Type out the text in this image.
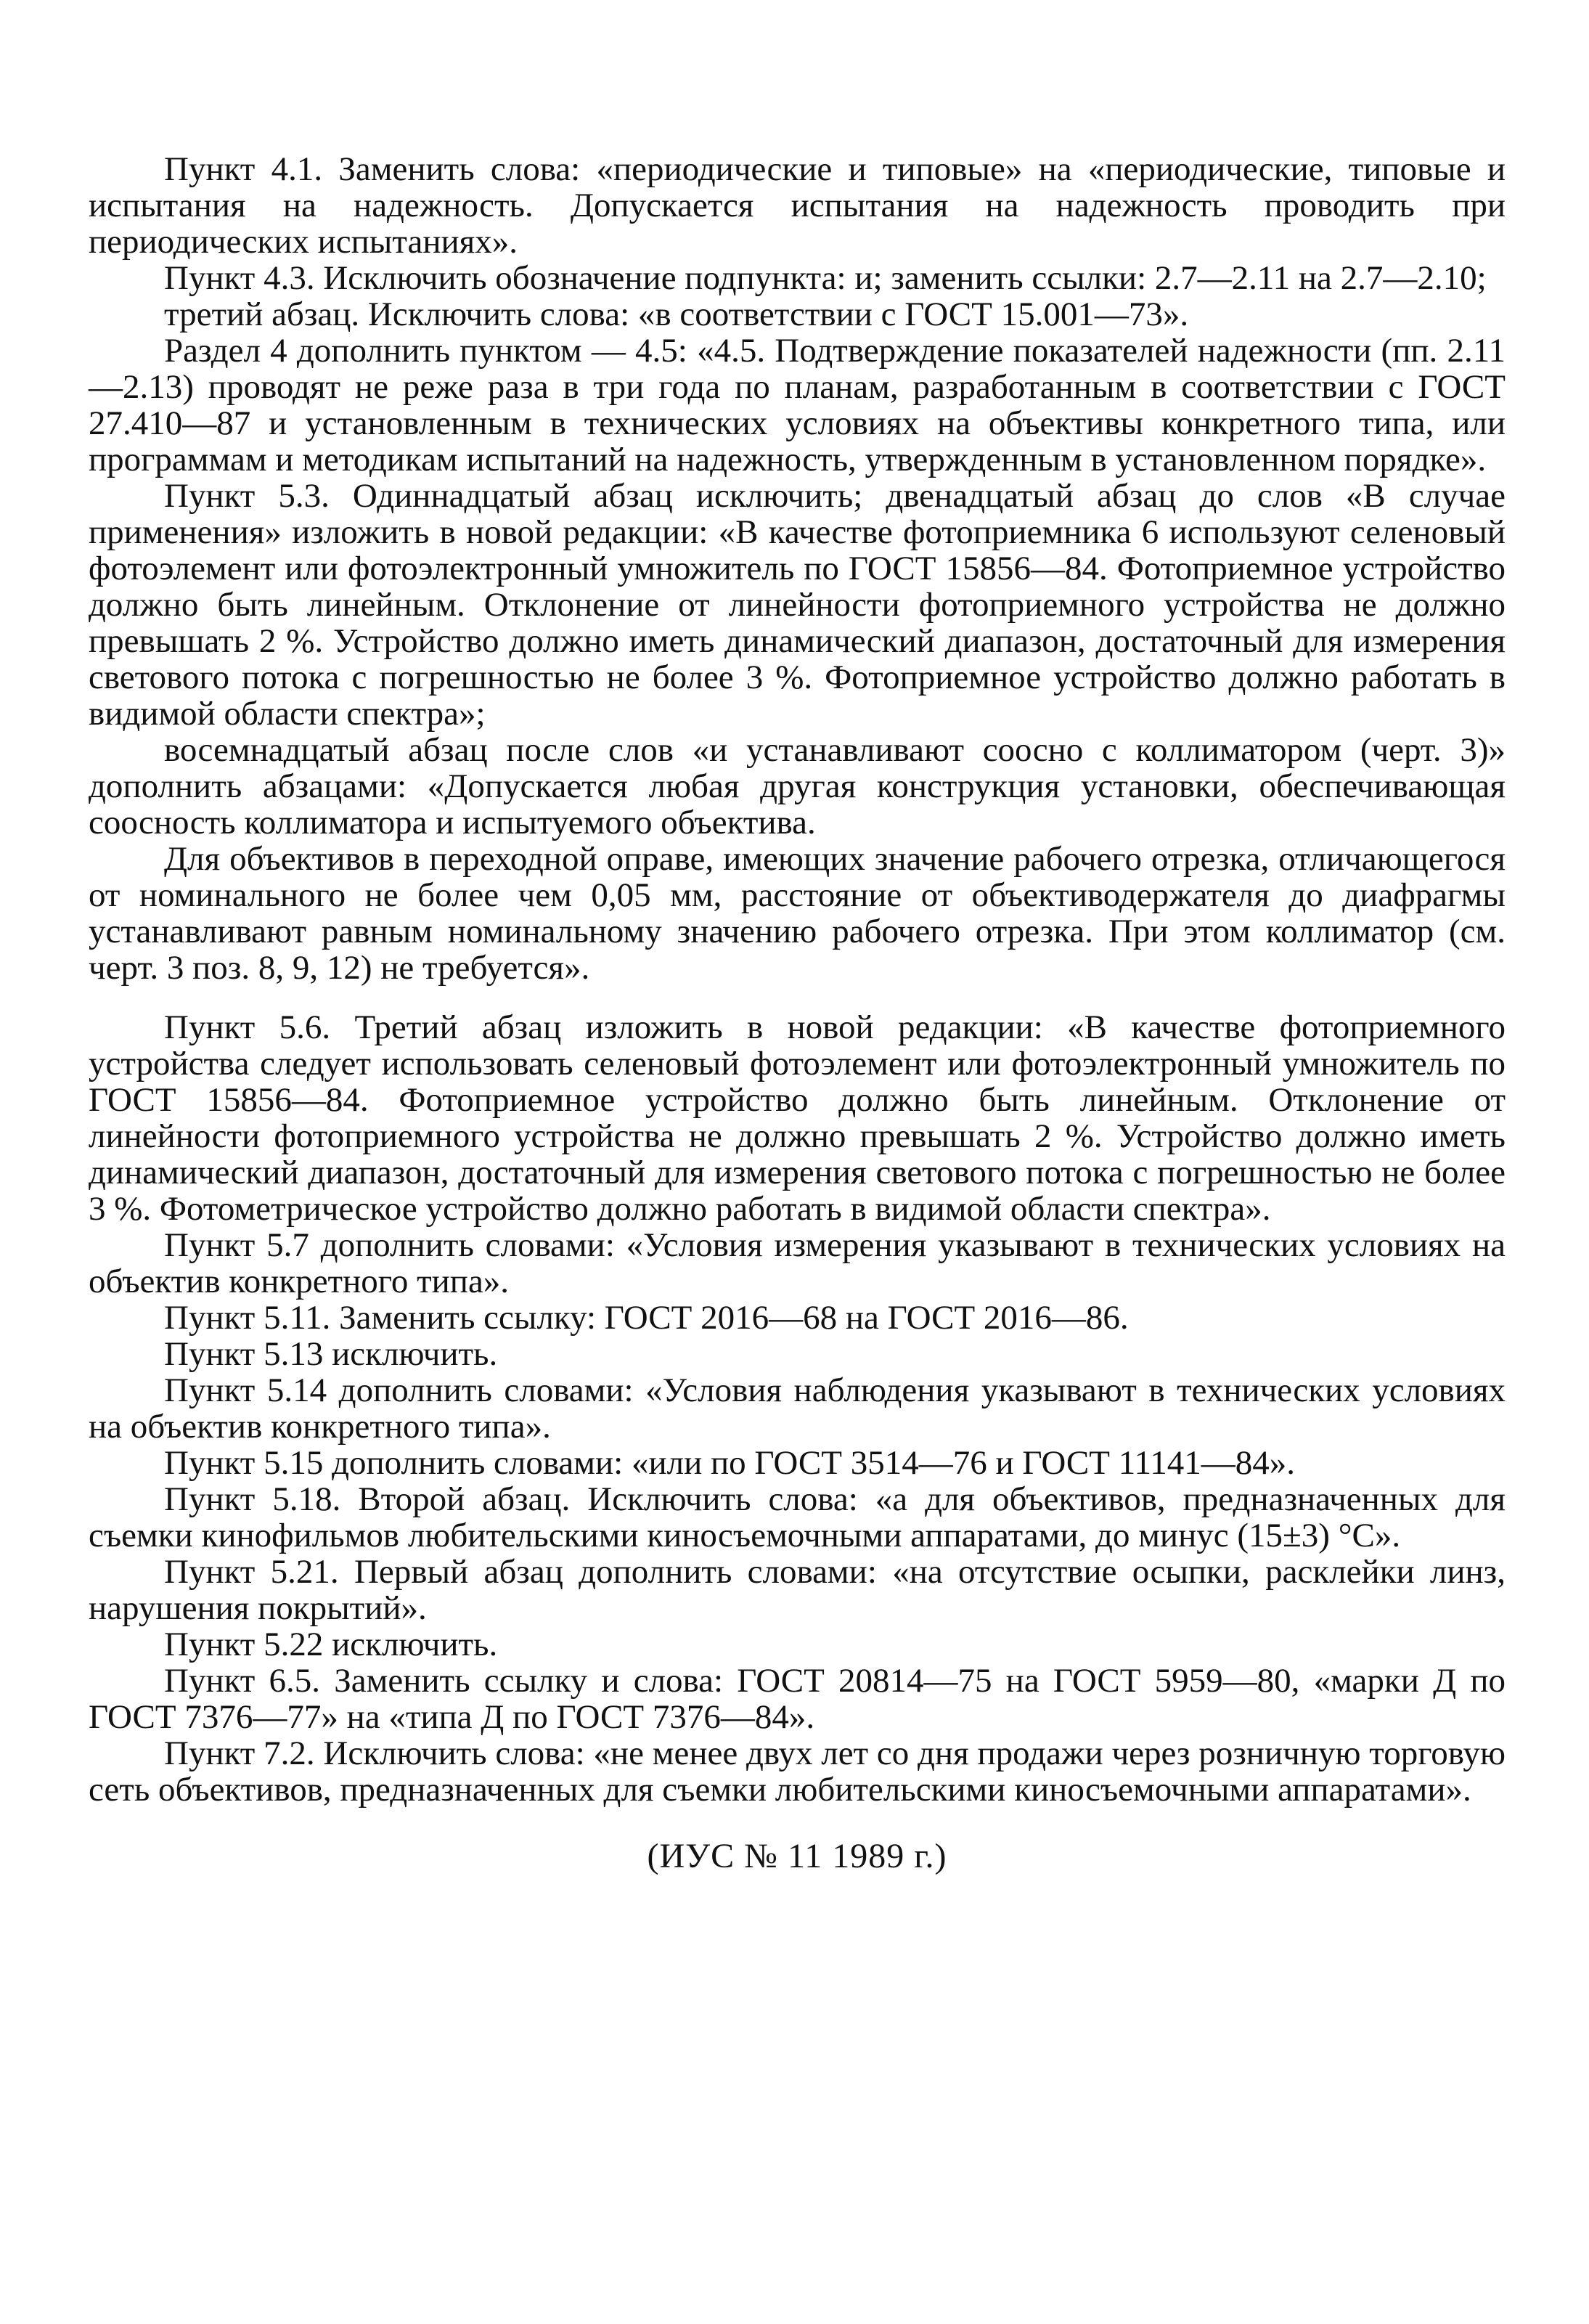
Пункт 4.1. Заменить слова: «периодические и типовые» на «периодические, типовые и испытания на надежность. Допускается испытания на надежность проводить при периодических испытаниях».

Пункт 4.3. Исключить обозначение подпункта: и; заменить ссылки: 2.7—2.11 на 2.7—2.10;

третий абзац. Исключить слова: «в соответствии с ГОСТ 15.001—73».

Раздел 4 дополнить пунктом — 4.5: «4.5. Подтверждение показателей надежности (пп. 2.11—2.13) проводят не реже раза в три года по планам, разработанным в соответствии с ГОСТ 27.410—87 и установленным в технических условиях на объективы конкретного типа, или программам и методикам испытаний на надежность, утвержденным в установленном порядке».

Пункт 5.3. Одиннадцатый абзац исключить; двенадцатый абзац до слов «В случае применения» изложить в новой редакции: «В качестве фотоприемника 6 используют селеновый фотоэлемент или фотоэлектронный умножитель по ГОСТ 15856—84. Фотоприемное устройство должно быть линейным. Отклонение от линейности фотоприемного устройства не должно превышать 2 %. Устройство должно иметь динамический диапазон, достаточный для измерения светового потока с погрешностью не более 3 %. Фотоприемное устройство должно работать в видимой области спектра»;

восемнадцатый абзац после слов «и устанавливают соосно с коллиматором (черт. 3)» дополнить абзацами: «Допускается любая другая конструкция установки, обеспечивающая соосность коллиматора и испытуемого объектива.

Для объективов в переходной оправе, имеющих значение рабочего отрезка, отличающегося от номинального не более чем 0,05 мм, расстояние от объективодержателя до диафрагмы устанавливают равным номинальному значению рабочего отрезка. При этом коллиматор (см. черт. 3 поз. 8, 9, 12) не требуется».

Пункт 5.6. Третий абзац изложить в новой редакции: «В качестве фотоприемного устройства следует использовать селеновый фотоэлемент или фотоэлектронный умножитель по ГОСТ 15856—84. Фотоприемное устройство должно быть линейным. Отклонение от линейности фотоприемного устройства не должно превышать 2 %. Устройство должно иметь динамический диапазон, достаточный для измерения светового потока с погрешностью не более 3 %. Фотометрическое устройство должно работать в видимой области спектра».

Пункт 5.7 дополнить словами: «Условия измерения указывают в технических условиях на объектив конкретного типа».

Пункт 5.11. Заменить ссылку: ГОСТ 2016—68 на ГОСТ 2016—86.

Пункт 5.13 исключить.

Пункт 5.14 дополнить словами: «Условия наблюдения указывают в технических условиях на объектив конкретного типа».

Пункт 5.15 дополнить словами: «или по ГОСТ 3514—76 и ГОСТ 11141—84».

Пункт 5.18. Второй абзац. Исключить слова: «а для объективов, предназначенных для съемки кинофильмов любительскими киносъемочными аппаратами, до минус (15±3) °С».

Пункт 5.21. Первый абзац дополнить словами: «на отсутствие осыпки, расклейки линз, нарушения покрытий».

Пункт 5.22 исключить.

Пункт 6.5. Заменить ссылку и слова: ГОСТ 20814—75 на ГОСТ 5959—80, «марки Д по ГОСТ 7376—77» на «типа Д по ГОСТ 7376—84».

Пункт 7.2. Исключить слова: «не менее двух лет со дня продажи через розничную торговую сеть объективов, предназначенных для съемки любительскими киносъемочными аппаратами».

(ИУС № 11 1989 г.)
